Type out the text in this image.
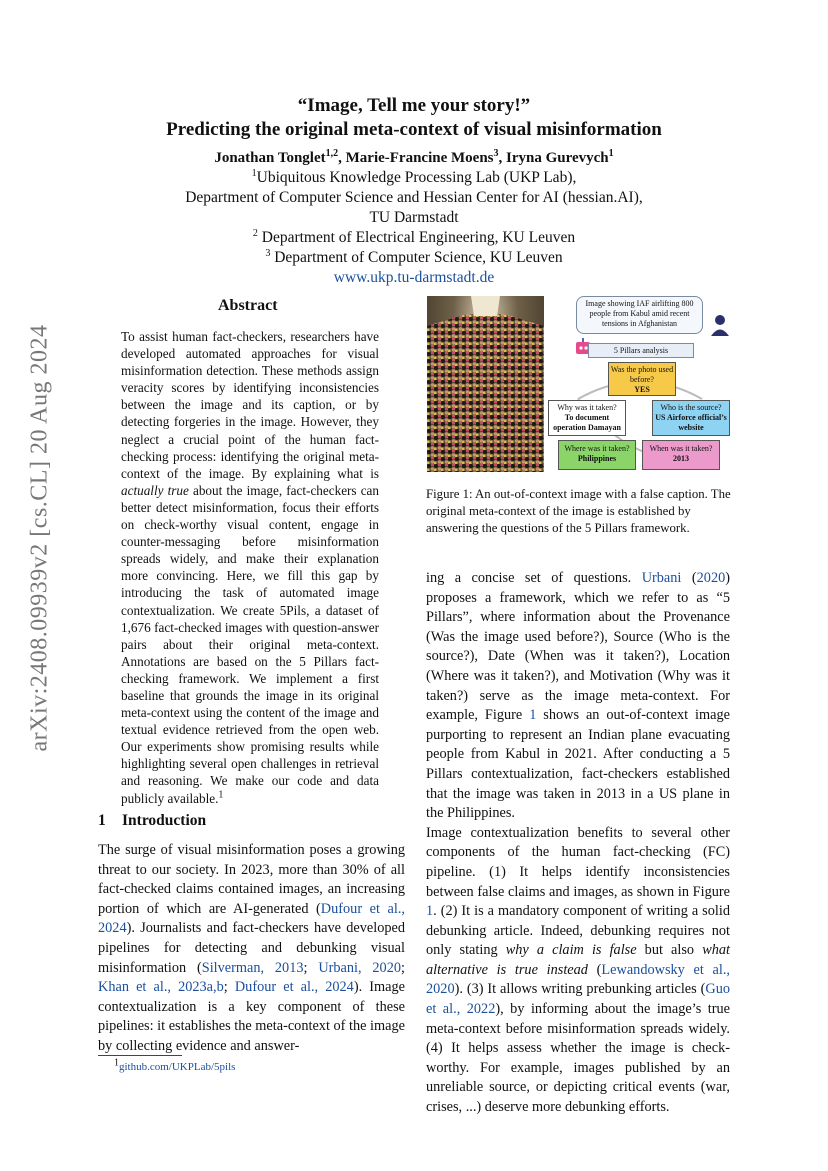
arXiv:2408.09939v2 [cs.CL] 20 Aug 2024
“Image, Tell me your story!”
Predicting the original meta-context of visual misinformation
Jonathan Tonglet$^{1,2}$, Marie-Francine Moens$^3$, Iryna Gurevych$^1$
$^1$Ubiquitous Knowledge Processing Lab (UKP Lab),
Department of Computer Science and Hessian Center for AI (hessian.AI),
TU Darmstadt
$^2$ Department of Electrical Engineering, KU Leuven
$^3$ Department of Computer Science, KU Leuven
www.ukp.tu-darmstadt.de
Abstract
To assist human fact-checkers, researchers have developed automated approaches for visual misinformation detection. These methods assign veracity scores by identifying inconsistencies between the image and its caption, or by detecting forgeries in the image. However, they neglect a crucial point of the human fact-checking process: identifying the original meta-context of the image. By explaining what is actually true about the image, fact-checkers can better detect misinformation, focus their efforts on check-worthy visual content, engage in counter-messaging before misinformation spreads widely, and make their explanation more convincing. Here, we fill this gap by introducing the task of automated image contextualization. We create 5Pils, a dataset of 1,676 fact-checked images with question-answer pairs about their original meta-context. Annotations are based on the 5 Pillars fact-checking framework. We implement a first baseline that grounds the image in its original meta-context using the content of the image and textual evidence retrieved from the open web. Our experiments show promising results while highlighting several open challenges in retrieval and reasoning. We make our code and data publicly available.$^1$
1 Introduction
The surge of visual misinformation poses a growing threat to our society. In 2023, more than 30% of all fact-checked claims contained images, an increasing portion of which are AI-generated (Dufour et al., 2024). Journalists and fact-checkers have developed pipelines for detecting and debunking visual misinformation (Silverman, 2013; Urbani, 2020; Khan et al., 2023a,b; Dufour et al., 2024). Image contextualization is a key component of these pipelines: it establishes the meta-context of the image by collecting evidence and answer-
$^1$github.com/UKPLab/5pils
Image showing IAF airlifting 800 people from Kabul amid recent tensions in Afghanistan
5 Pillars analysis
Was the photo used before?
YES
Why was it taken?
To document operation Damayan
Who is the source?
US Airforce official’s website
Where was it taken?
Philippines
When was it taken?
2013
Figure 1: An out-of-context image with a false caption. The original meta-context of the image is established by answering the questions of the 5 Pillars framework.
ing a concise set of questions. Urbani (2020) proposes a framework, which we refer to as “5 Pillars”, where information about the Provenance (Was the image used before?), Source (Who is the source?), Date (When was it taken?), Location (Where was it taken?), and Motivation (Why was it taken?) serve as the image meta-context. For example, Figure 1 shows an out-of-context image purporting to represent an Indian plane evacuating people from Kabul in 2021. After conducting a 5 Pillars contextualization, fact-checkers established that the image was taken in 2013 in a US plane in the Philippines.
Image contextualization benefits to several other components of the human fact-checking (FC) pipeline. (1) It helps identify inconsistencies between false claims and images, as shown in Figure 1. (2) It is a mandatory component of writing a solid debunking article. Indeed, debunking requires not only stating why a claim is false but also what alternative is true instead (Lewandowsky et al., 2020). (3) It allows writing prebunking articles (Guo et al., 2022), by informing about the image’s true meta-context before misinformation spreads widely. (4) It helps assess whether the image is check-worthy. For example, images published by an unreliable source, or depicting critical events (war, crises, ...) deserve more debunking efforts.
